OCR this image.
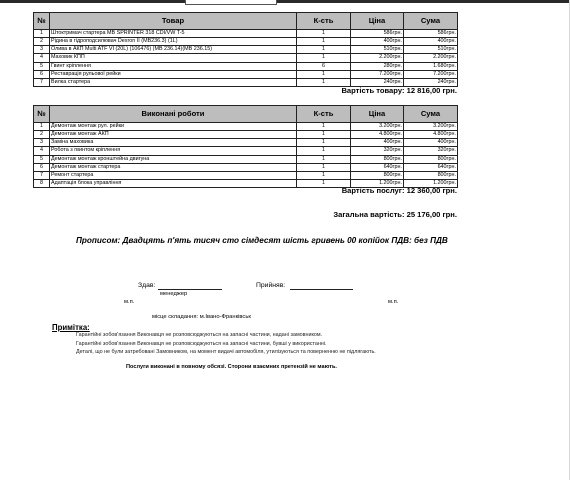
№	Товар	К-сть	Ціна	Сума
1	Штоктримач стартера MB SPRINTER 318 CDI/VW T-5	1	586грн.	586грн.
2	Рідина в гідроподсилювач Dexron II (MB236.3) (1L)	1	400грн.	400грн.
3	Олива в АКП Multi ATF VI (20L) (106476) (MB 236.14)(MB 236.15)	1	510грн.	510грн.
4	Маховик КПП	1	2.200грн.	2.200грн.
5	Гвинт кріплення	6	280грн.	1.680грн.
6	Реставрація рульової рейки	1	7.200грн.	7.200грн.
7	Вилка стартера	1	240грн.	240грн.
Вартість товару: 12 816,00 грн.
№	Виконані роботи	К-сть	Ціна	Сума
1	Демонтаж монтаж рул. рейки	1	3.200грн.	3.200грн.
2	Демонтаж монтаж АКП	1	4.800грн.	4.800грн.
3	Заміна маховика	1	400грн.	400грн.
4	Робота з гвинтом кріплення	1	320грн.	320грн.
5	Демонтаж монтаж кронштейна двигуна	1	800грн.	800грн.
6	Демонтаж монтаж стартера	1	640грн.	640грн.
7	Ремонт стартера	1	800грн.	800грн.
8	Адаптація блока управління	1	1.200грн.	1.200грн.
Вартість послуг: 12 360,00 грн.
Загальна вартість: 25 176,00 грн.
Прописом: Двадцять п'ять тисяч сто сімдесят шість гривень 00 копійок ПДВ: без ПДВ
Здав:	Прийняв:
менеджер
м.п.	м.п.
місце складання: м.Івано-Франківськ
Примітка:
Гарантійні зобов'язання Виконавця не розповсюджуються на запасні частини, надані замовником.
Гарантійні зобов'язання Виконавця не розповсюджуються на запасні частини, бувші у використанні.
Деталі, що не були затребовані Замовником, на момент видачі автомобіля, утилізуються та поверненню не підлягають.
Послуги виконані в повному обсязі. Сторони взаємних претензій не мають.
